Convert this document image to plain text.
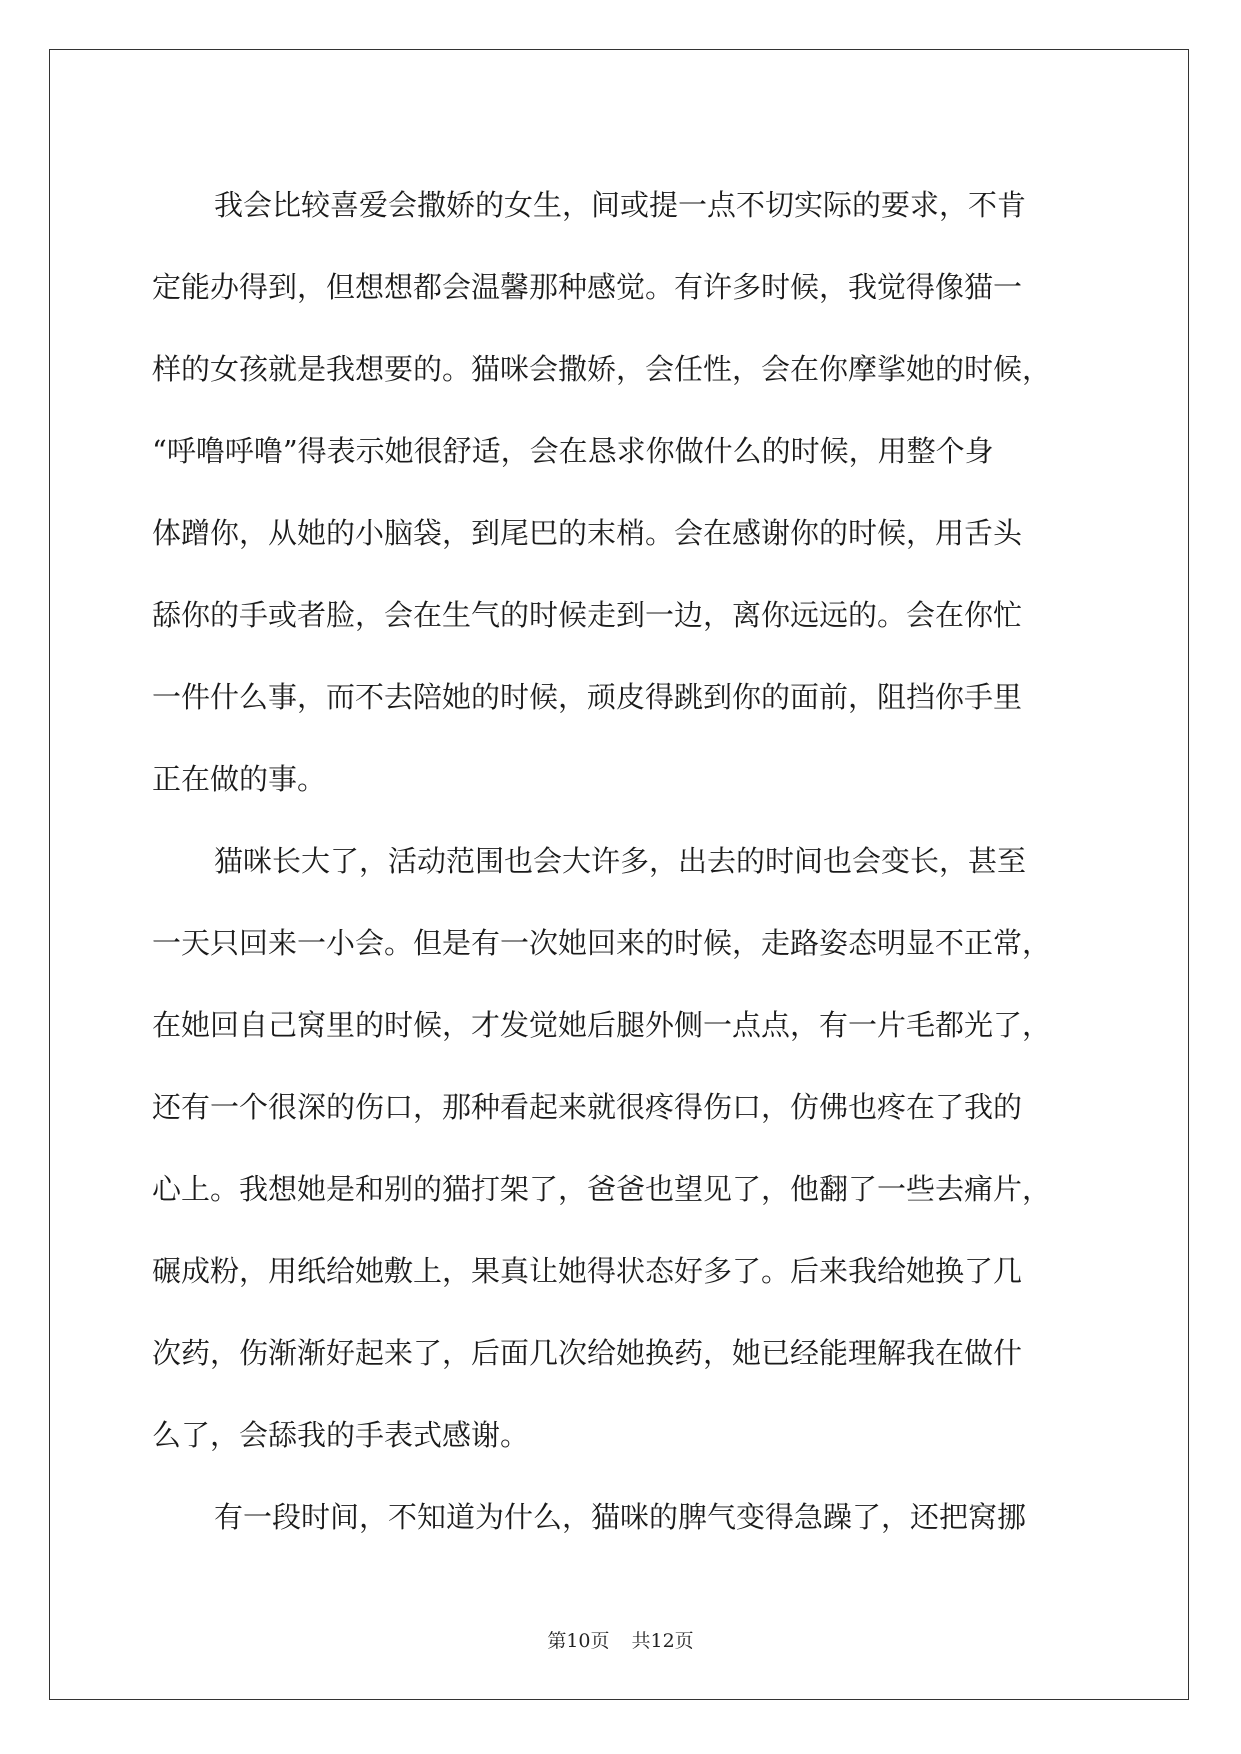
我会比较喜爱会撒娇的女生，间或提一点不切实际的要求，不肯
定能办得到，但想想都会温馨那种感觉。有许多时候，我觉得像猫一
样的女孩就是我想要的。猫咪会撒娇，会任性，会在你摩挲她的时候，
“呼噜呼噜”得表示她很舒适，会在恳求你做什么的时候，用整个身
体蹭你，从她的小脑袋，到尾巴的末梢。会在感谢你的时候，用舌头
舔你的手或者脸，会在生气的时候走到一边，离你远远的。会在你忙
一件什么事，而不去陪她的时候，顽皮得跳到你的面前，阻挡你手里
正在做的事。
猫咪长大了，活动范围也会大许多，出去的时间也会变长，甚至
一天只回来一小会。但是有一次她回来的时候，走路姿态明显不正常，
在她回自己窝里的时候，才发觉她后腿外侧一点点，有一片毛都光了，
还有一个很深的伤口，那种看起来就很疼得伤口，仿佛也疼在了我的
心上。我想她是和别的猫打架了，爸爸也望见了，他翻了一些去痛片，
碾成粉，用纸给她敷上，果真让她得状态好多了。后来我给她换了几
次药，伤渐渐好起来了，后面几次给她换药，她已经能理解我在做什
么了，会舔我的手表式感谢。
有一段时间，不知道为什么，猫咪的脾气变得急躁了，还把窝挪
第10页 共12页
